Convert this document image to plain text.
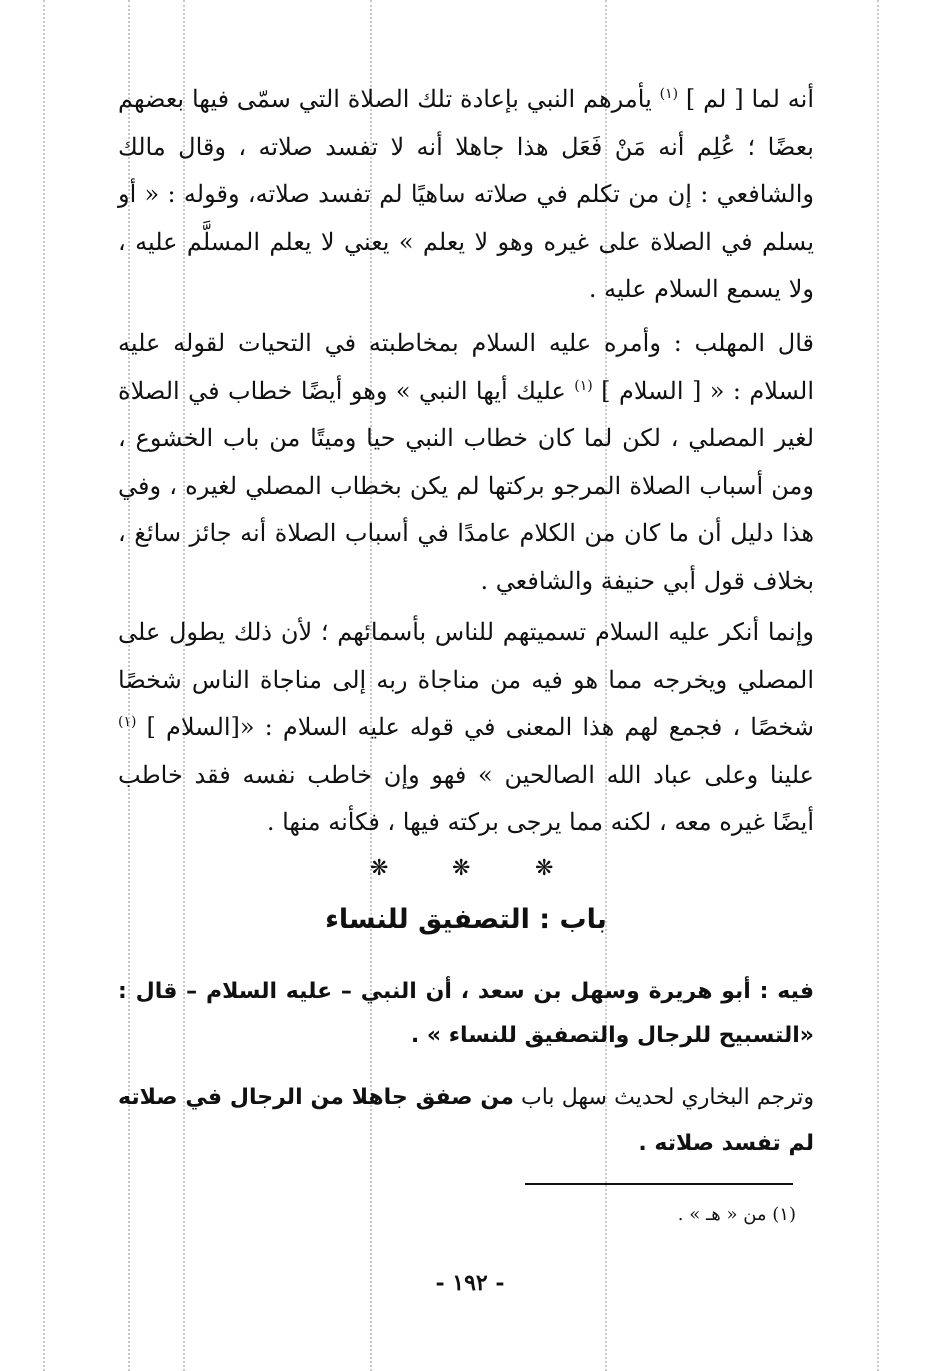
أنه لما [ لم ] $^{(١)}$ يأمرهم النبي بإعادة تلك الصلاة التي سمّى فيها بعضهم بعضًا ؛ عُلِم أنه مَنْ فَعَل هذا جاهلا أنه لا تفسد صلاته ، وقال مالك والشافعي : إن من تكلم في صلاته ساهيًا لم تفسد صلاته، وقوله : « أو يسلم في الصلاة على غيره وهو لا يعلم » يعني لا يعلم المسلَّم عليه ، ولا يسمع السلام عليه .

قال المهلب : وأمره عليه السلام بمخاطبته في التحيات لقوله عليه السلام : « [ السلام ] $^{(١)}$ عليك أيها النبي » وهو أيضًا خطاب في الصلاة لغير المصلي ، لكن لما كان خطاب النبي حيا وميتًا من باب الخشوع ، ومن أسباب الصلاة المرجو بركتها لم يكن بخطاب المصلي لغيره ، وفي هذا دليل أن ما كان من الكلام عامدًا في أسباب الصلاة أنه جائز سائغ ، بخلاف قول أبي حنيفة والشافعي .

وإنما أنكر عليه السلام تسميتهم للناس بأسمائهم ؛ لأن ذلك يطول على المصلي ويخرجه مما هو فيه من مناجاة ربه إلى مناجاة الناس شخصًا شخصًا ، فجمع لهم هذا المعنى في قوله عليه السلام : «[السلام ] $^{(١)}$ علينا وعلى عباد الله الصالحين » فهو وإن خاطب نفسه فقد خاطب أيضًا غيره معه ، لكنه مما يرجى بركته فيها ، فكأنه منها .

❋	❋	❋
باب : التصفيق للنساء

فيه : أبو هريرة وسهل بن سعد ، أن النبي – عليه السلام – قال : «التسبيح للرجال والتصفيق للنساء » .

وترجم البخاري لحديث سهل باب من صفق جاهلا من الرجال في صلاته لم تفسد صلاته .

(١) من « هـ » .
- ١٩٢ -
